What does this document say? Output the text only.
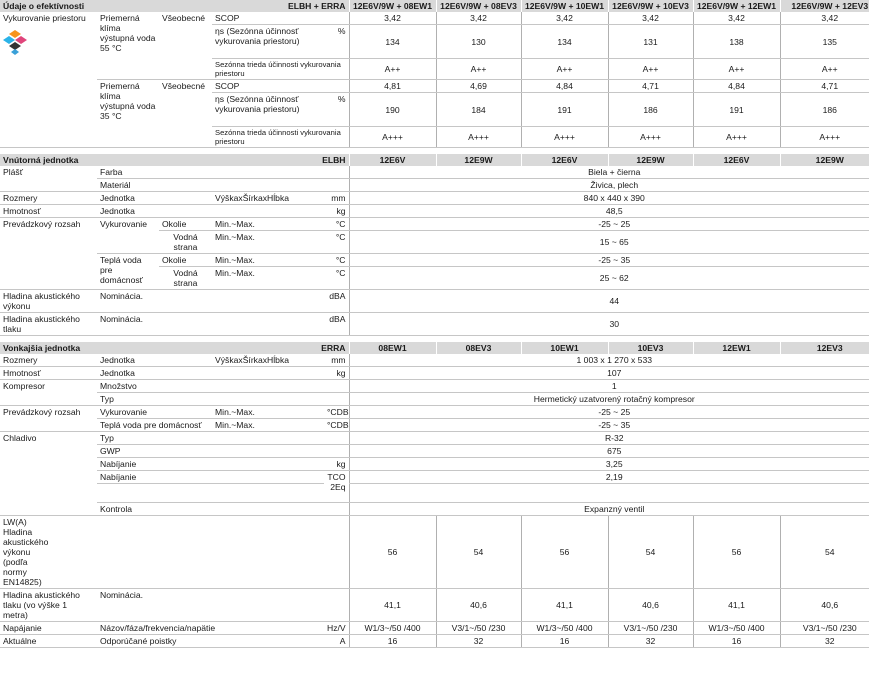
Údaje o efektívnosti		ELBH + ERRA			12E6V/9W + 08EW1	12E6V/9W + 08EV3	12E6V/9W + 10EW1	12E6V/9W + 10EV3	12E6V/9W + 12EW1	12E6V/9W + 12EV3
Vykurovanie priestoru	Priemerná klíma výstupná voda 55 °C	Všeobecné	SCOP		3,42	3,42	3,42	3,42	3,42	3,42
			ηs (Sezónna účinnosť vykurovania priestoru)	%	134	130	134	131	138	135
			Sezónna trieda účinnosti vykurovania priestoru		A++	A++	A++	A++	A++	A++
	Priemerná klíma výstupná voda 35 °C	Všeobecné	SCOP		4,81	4,69	4,84	4,71	4,84	4,71
			ηs (Sezónna účinnosť vykurovania priestoru)	%	190	184	191	186	191	186
			Sezónna trieda účinnosti vykurovania priestoru		A+++	A+++	A+++	A+++	A+++	A+++

Vnútorná jednotka		ELBH			12E6V	12E9W	12E6V	12E9W	12E6V	12E9W
Plášť	Farba				Biela + čierna					
	Materiál				Živica, plech					
Rozmery	Jednotka		VýškaxŠírkaxHĺbka	mm	840 x 440 x 390					
Hmotnosť	Jednotka			kg	48,5					
Prevádzkový rozsah	Vykurovanie	Okolie	Min.~Max.	°C	-25 ~ 25					
		Vodná strana	Min.~Max.	°C	15 ~ 65					
	Teplá voda pre domácnosť	Okolie	Min.~Max.	°C	-25 ~ 35					
		Vodná strana	Min.~Max.	°C	25 ~ 62					
Hladina akustického výkonu	Nominácia.			dBA	44					
Hladina akustického tlaku	Nominácia.			dBA	30					

Vonkajšia jednotka		ERRA			08EW1	08EV3	10EW1	10EV3	12EW1	12EV3
Rozmery	Jednotka		VýškaxŠírkaxHĺbka	mm	1 003 x 1 270 x 533					
Hmotnosť	Jednotka			kg	107					
Kompresor	Množstvo				1					
	Typ				Hermetický uzatvorený rotačný kompresor					
Prevádzkový rozsah	Vykurovanie		Min.~Max.	°CDB	-25 ~ 25					
	Teplá voda pre domácnosť		Min.~Max.	°CDB	-25 ~ 35					
Chladivo	Typ				R-32					
	GWP				675					
	Nabíjanie			kg	3,25					
	Nabíjanie			TCO2Eq	2,19					

	Kontrola				Expanzný ventil					
LW(A) Hladina akustického výkonu (podľa normy EN14825)					56	54	56	54	56	54
Hladina akustického tlaku (vo výške 1 metra)	Nominácia.				41,1	40,6	41,1	40,6	41,1	40,6
Napájanie	Názov/fáza/frekvencia/napätie			Hz/V	W1/3~/50 /400	V3/1~/50 /230	W1/3~/50 /400	V3/1~/50 /230	W1/3~/50 /400	V3/1~/50 /230
Aktuálne	Odporúčané poistky			A	16	32	16	32	16	32
